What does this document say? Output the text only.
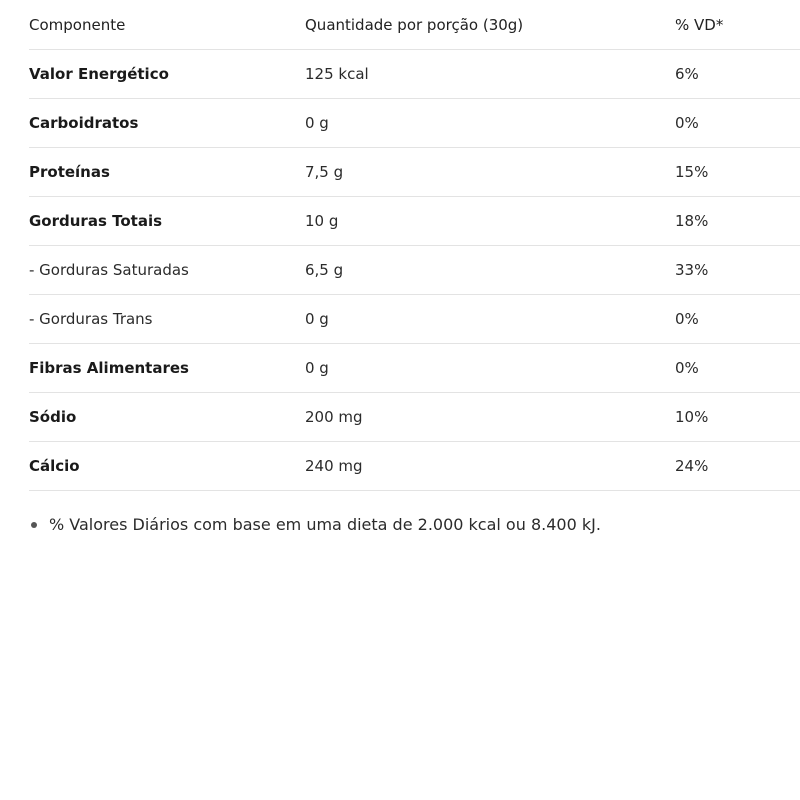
Componente	Quantidade por porção (30g)	% VD*
Valor Energético	125 kcal	6%
Carboidratos	0 g	0%
Proteínas	7,5 g	15%
Gorduras Totais	10 g	18%
- Gorduras Saturadas	6,5 g	33%
- Gorduras Trans	0 g	0%
Fibras Alimentares	0 g	0%
Sódio	200 mg	10%
Cálcio	240 mg	24%
% Valores Diários com base em uma dieta de 2.000 kcal ou 8.400 kJ.
